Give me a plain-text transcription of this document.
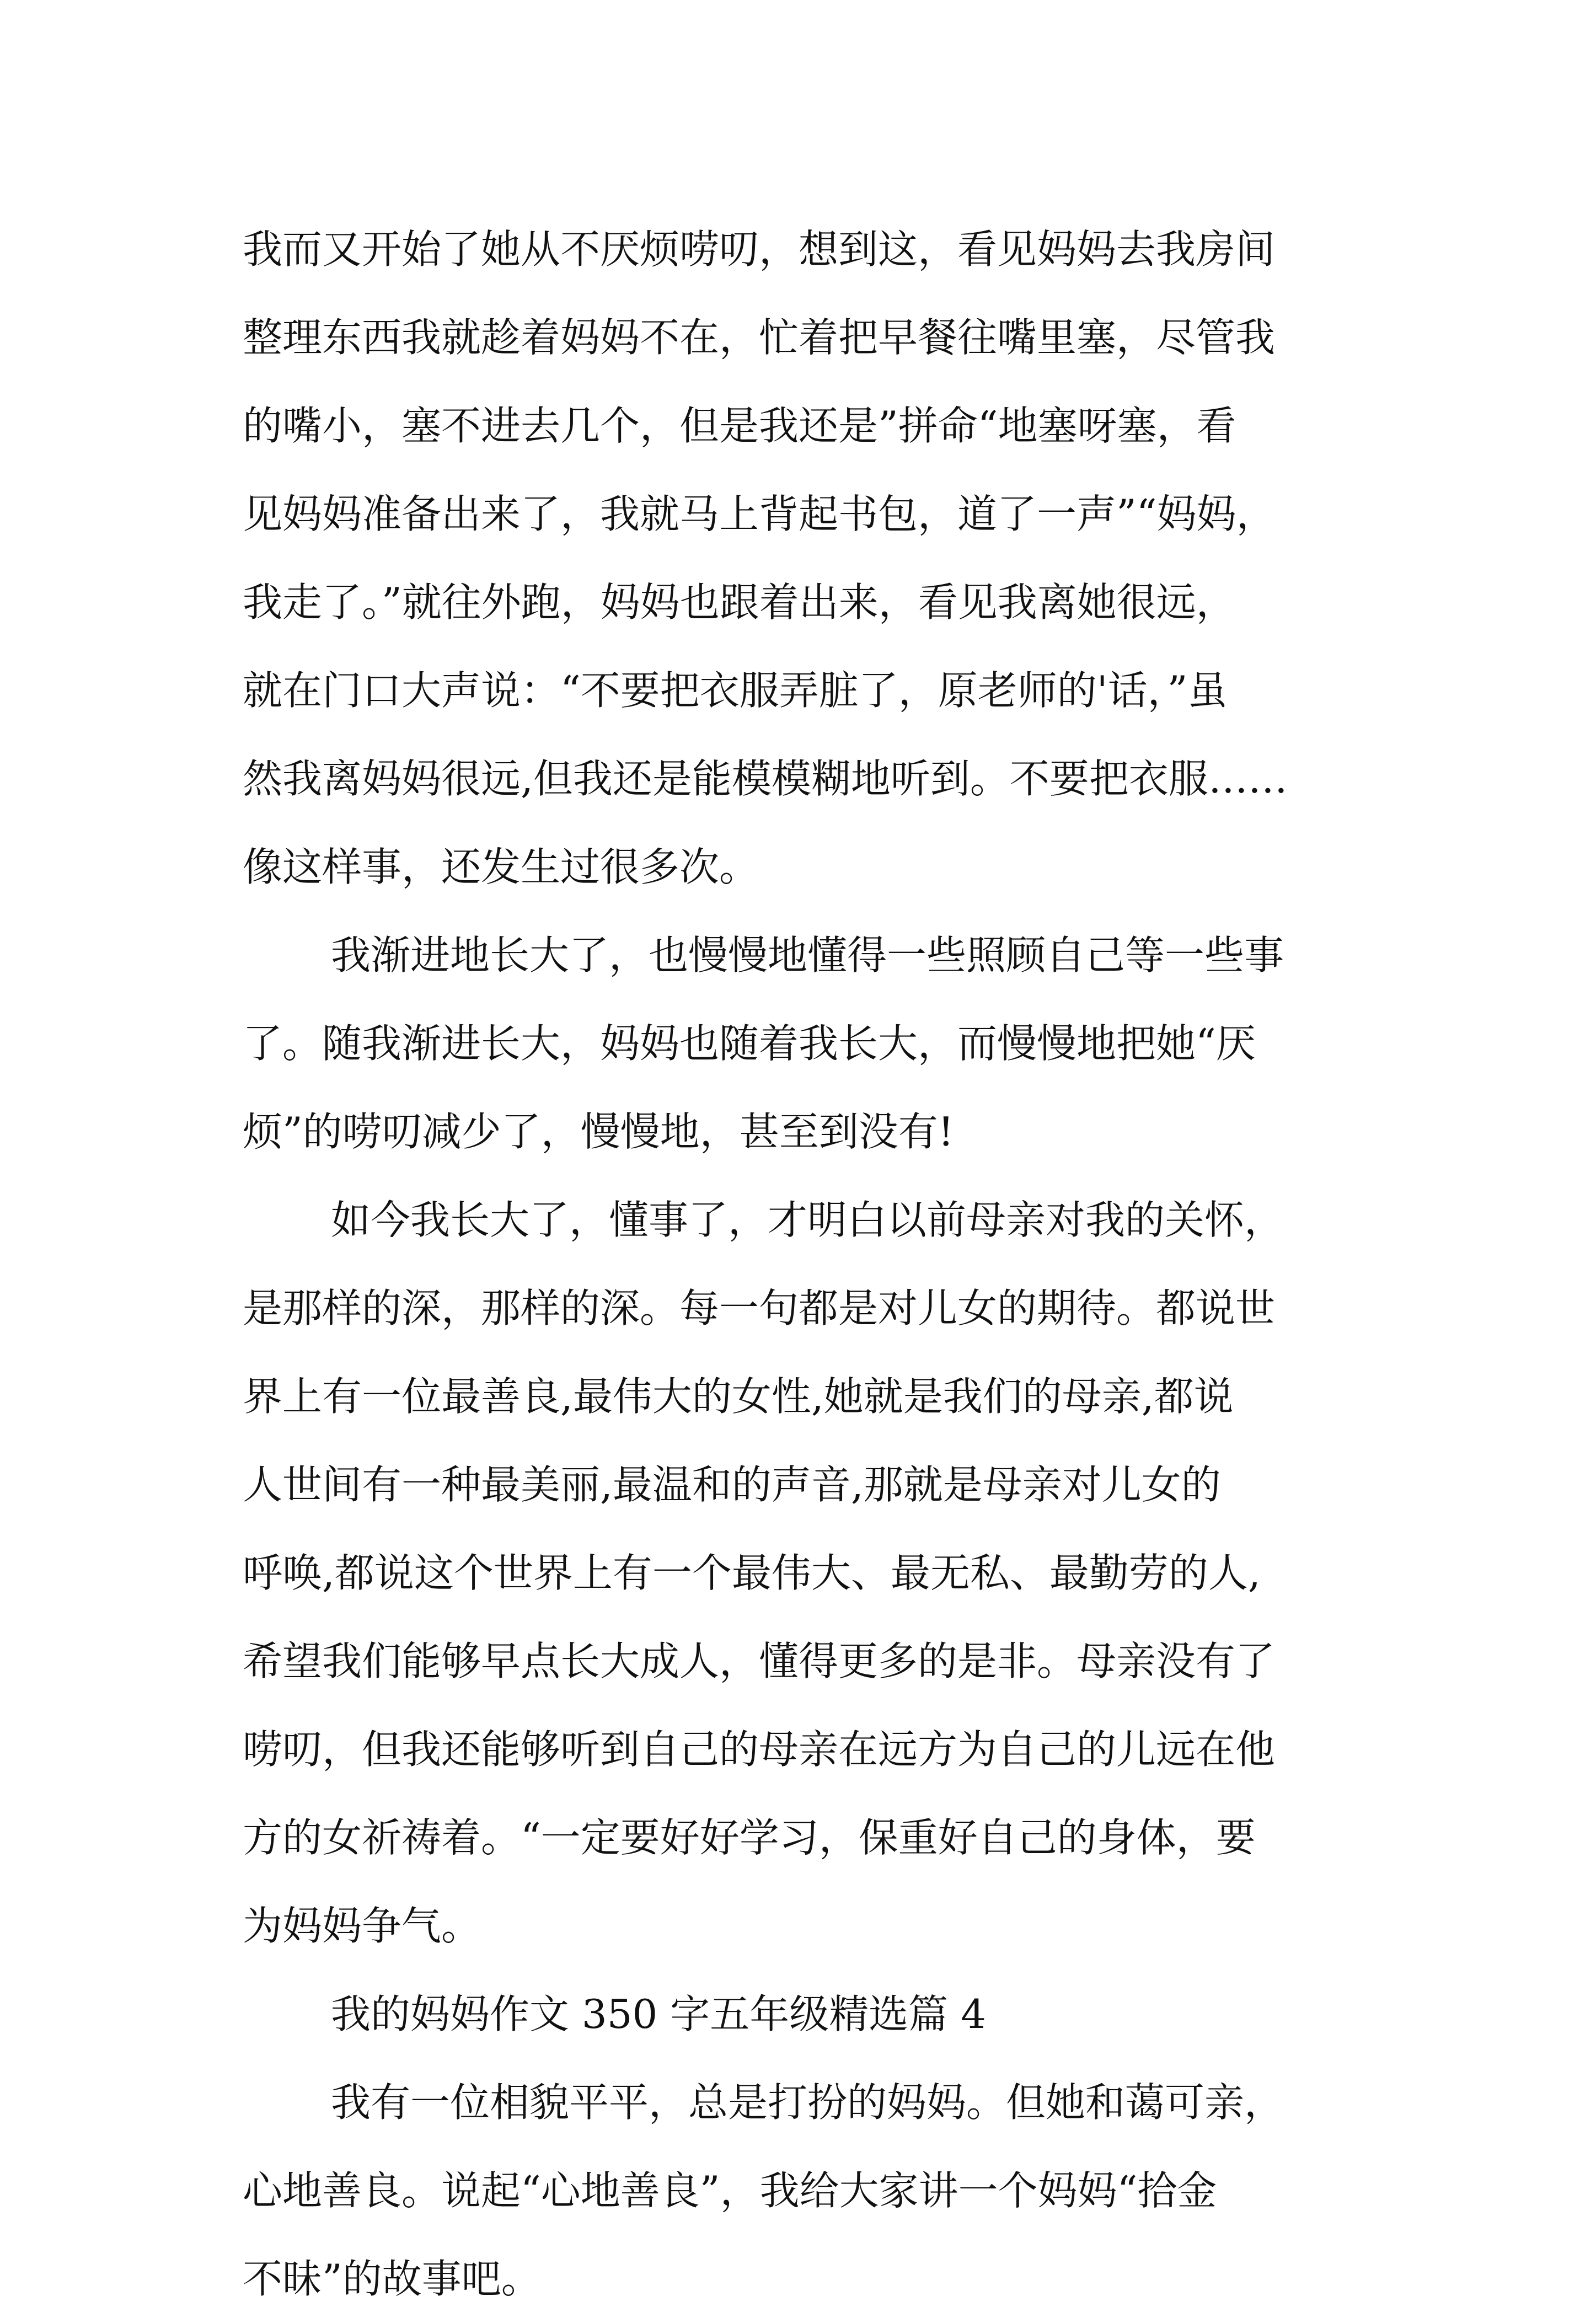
我而又开始了她从不厌烦唠叨，想到这，看见妈妈去我房间
整理东西我就趁着妈妈不在，忙着把早餐往嘴里塞，尽管我
的嘴小，塞不进去几个，但是我还是”拼命“地塞呀塞，看
见妈妈准备出来了，我就马上背起书包，道了一声”“妈妈，
我走了。”就往外跑，妈妈也跟着出来，看见我离她很远，
就在门口大声说：“不要把衣服弄脏了，原老师的'话，”虽
然我离妈妈很远,但我还是能模模糊地听到。不要把衣服……
像这样事，还发生过很多次。
我渐进地长大了，也慢慢地懂得一些照顾自己等一些事
了。随我渐进长大，妈妈也随着我长大，而慢慢地把她“厌
烦”的唠叨减少了，慢慢地，甚至到没有!
如今我长大了，懂事了，才明白以前母亲对我的关怀，
是那样的深，那样的深。每一句都是对儿女的期待。都说世
界上有一位最善良,最伟大的女性,她就是我们的母亲,都说
人世间有一种最美丽,最温和的声音,那就是母亲对儿女的
呼唤,都说这个世界上有一个最伟大、最无私、最勤劳的人,
希望我们能够早点长大成人，懂得更多的是非。母亲没有了
唠叨，但我还能够听到自己的母亲在远方为自己的儿远在他
方的女祈祷着。“一定要好好学习，保重好自己的身体，要
为妈妈争气。
我的妈妈作文 350 字五年级精选篇 4
我有一位相貌平平，总是打扮的妈妈。但她和蔼可亲，
心地善良。说起“心地善良”，我给大家讲一个妈妈“拾金
不昧”的故事吧。
